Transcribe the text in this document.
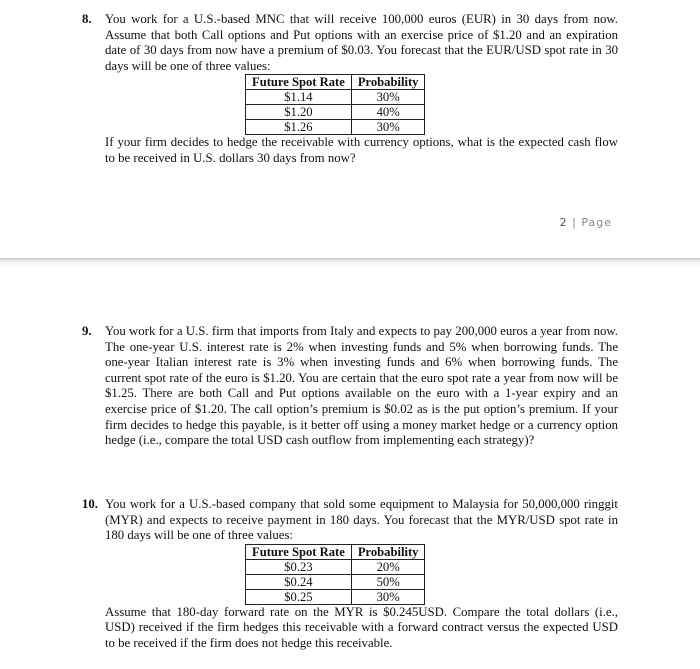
8. You work for a U.S.-based MNC that will receive 100,000 euros (EUR) in 30 days from now. Assume that both Call options and Put options with an exercise price of $1.20 and an expiration date of 30 days from now have a premium of $0.03. You forecast that the EUR/USD spot rate in 30 days will be one of three values:

Future Spot Rate	Probability
$1.14	30%
$1.20	40%
$1.26	30%

If your firm decides to hedge the receivable with currency options, what is the expected cash flow to be received in U.S. dollars 30 days from now?

2 | Page
9. You work for a U.S. firm that imports from Italy and expects to pay 200,000 euros a year from now. The one-year U.S. interest rate is 2% when investing funds and 5% when borrowing funds. The one-year Italian interest rate is 3% when investing funds and 6% when borrowing funds. The current spot rate of the euro is $1.20. You are certain that the euro spot rate a year from now will be $1.25. There are both Call and Put options available on the euro with a 1-year expiry and an exercise price of $1.20. The call option’s premium is $0.02 as is the put option’s premium. If your firm decides to hedge this payable, is it better off using a money market hedge or a currency option hedge (i.e., compare the total USD cash outflow from implementing each strategy)?

10. You work for a U.S.-based company that sold some equipment to Malaysia for 50,000,000 ringgit (MYR) and expects to receive payment in 180 days. You forecast that the MYR/USD spot rate in 180 days will be one of three values:

Future Spot Rate	Probability
$0.23	20%
$0.24	50%
$0.25	30%

Assume that 180-day forward rate on the MYR is $0.245USD. Compare the total dollars (i.e., USD) received if the firm hedges this receivable with a forward contract versus the expected USD to be received if the firm does not hedge this receivable.
